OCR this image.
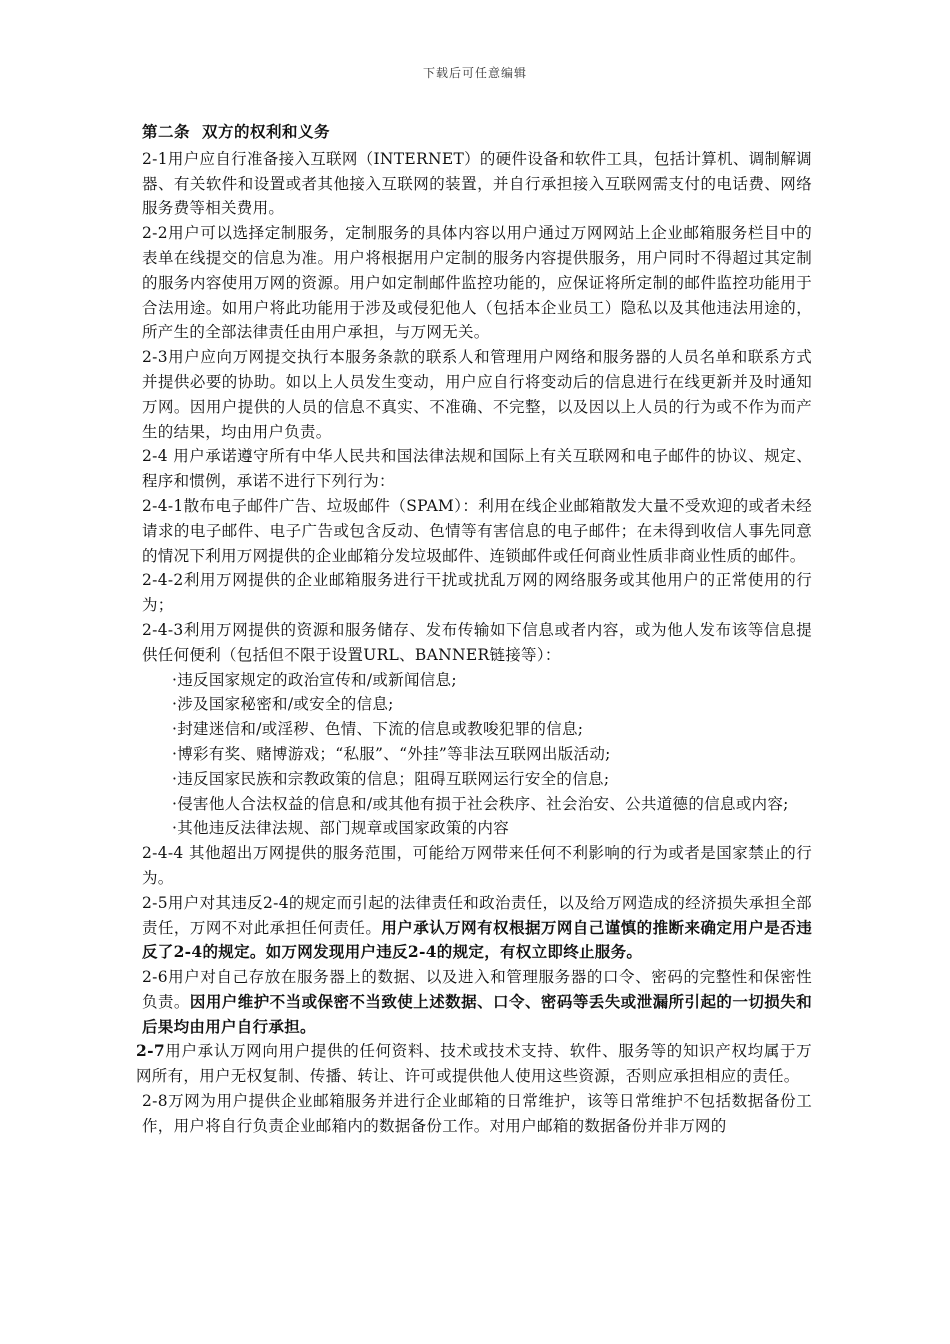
下载后可任意编辑

第二条 双方的权利和义务

2-1用户应自行准备接入互联网（INTERNET）的硬件设备和软件工具，包括计算机、调制解调器、有关软件和设置或者其他接入互联网的装置，并自行承担接入互联网需支付的电话费、网络服务费等相关费用。

2-2用户可以选择定制服务，定制服务的具体内容以用户通过万网网站上企业邮箱服务栏目中的表单在线提交的信息为准。用户将根据用户定制的服务内容提供服务，用户同时不得超过其定制的服务内容使用万网的资源。用户如定制邮件监控功能的，应保证将所定制的邮件监控功能用于合法用途。如用户将此功能用于涉及或侵犯他人（包括本企业员工）隐私以及其他违法用途的，所产生的全部法律责任由用户承担，与万网无关。

2-3用户应向万网提交执行本服务条款的联系人和管理用户网络和服务器的人员名单和联系方式并提供必要的协助。如以上人员发生变动，用户应自行将变动后的信息进行在线更新并及时通知万网。因用户提供的人员的信息不真实、不准确、不完整，以及因以上人员的行为或不作为而产生的结果，均由用户负责。

2-4 用户承诺遵守所有中华人民共和国法律法规和国际上有关互联网和电子邮件的协议、规定、程序和惯例，承诺不进行下列行为：

2-4-1散布电子邮件广告、垃圾邮件（SPAM）：利用在线企业邮箱散发大量不受欢迎的或者未经请求的电子邮件、电子广告或包含反动、色情等有害信息的电子邮件；在未得到收信人事先同意的情况下利用万网提供的企业邮箱分发垃圾邮件、连锁邮件或任何商业性质非商业性质的邮件。

2-4-2利用万网提供的企业邮箱服务进行干扰或扰乱万网的网络服务或其他用户的正常使用的行为；

2-4-3利用万网提供的资源和服务储存、发布传输如下信息或者内容，或为他人发布该等信息提供任何便利（包括但不限于设置URL、BANNER链接等）：

·违反国家规定的政治宣传和/或新闻信息;

·涉及国家秘密和/或安全的信息;

·封建迷信和/或淫秽、色情、下流的信息或教唆犯罪的信息;

·博彩有奖、赌博游戏；“私服”、“外挂”等非法互联网出版活动;

·违反国家民族和宗教政策的信息；阻碍互联网运行安全的信息;

·侵害他人合法权益的信息和/或其他有损于社会秩序、社会治安、公共道德的信息或内容;

·其他违反法律法规、部门规章或国家政策的内容

2-4-4 其他超出万网提供的服务范围，可能给万网带来任何不利影响的行为或者是国家禁止的行为。

2-5用户对其违反2-4的规定而引起的法律责任和政治责任，以及给万网造成的经济损失承担全部责任，万网不对此承担任何责任。用户承认万网有权根据万网自己谨慎的推断来确定用户是否违反了2-4的规定。如万网发现用户违反2-4的规定，有权立即终止服务。

2-6用户对自己存放在服务器上的数据、以及进入和管理服务器的口令、密码的完整性和保密性负责。因用户维护不当或保密不当致使上述数据、口令、密码等丢失或泄漏所引起的一切损失和后果均由用户自行承担。

2-7用户承认万网向用户提供的任何资料、技术或技术支持、软件、服务等的知识产权均属于万网所有，用户无权复制、传播、转让、许可或提供他人使用这些资源，否则应承担相应的责任。

2-8万网为用户提供企业邮箱服务并进行企业邮箱的日常维护，该等日常维护不包括数据备份工作，用户将自行负责企业邮箱内的数据备份工作。对用户邮箱的数据备份并非万网的
